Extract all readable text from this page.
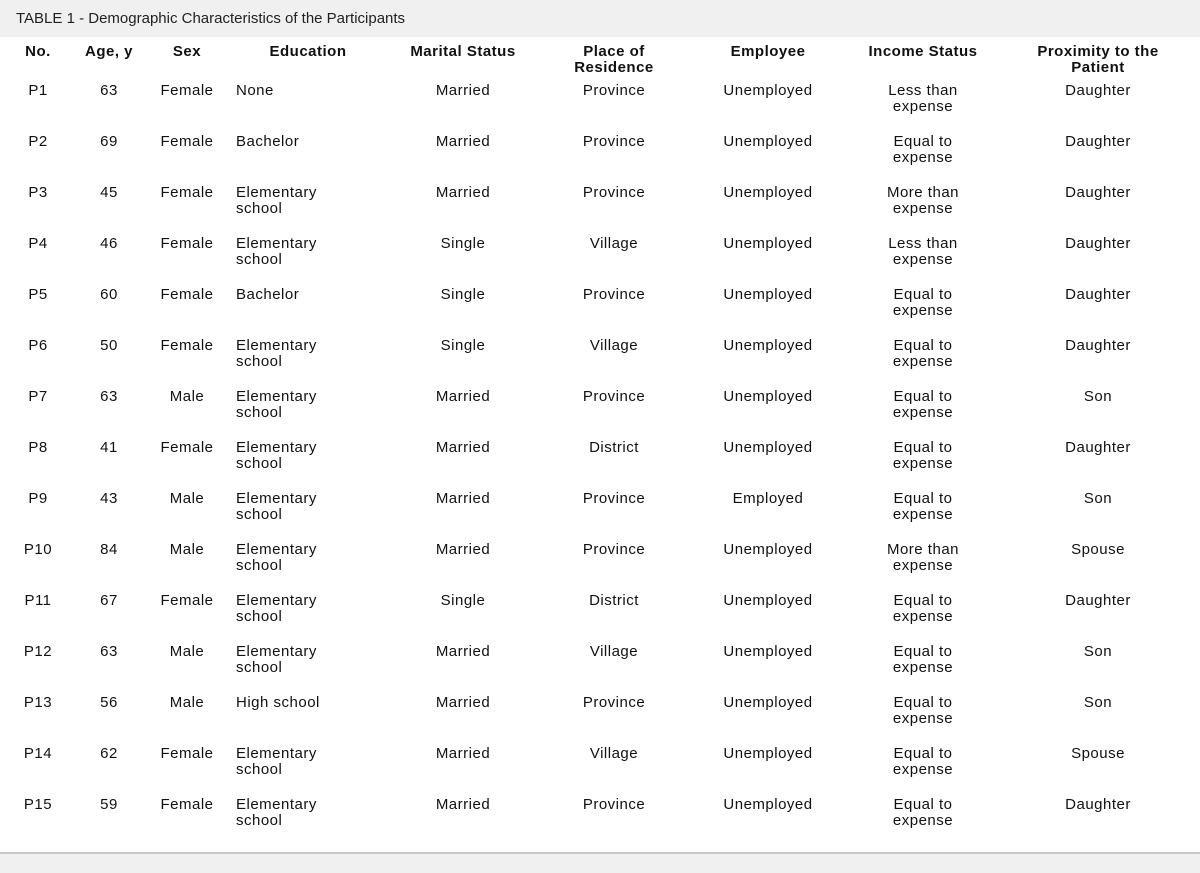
TABLE 1 - Demographic Characteristics of the Participants
No.	Age, y	Sex	Education	Marital Status	Place of
Residence	Employee	Income Status	Proximity to the
Patient
P1	63	Female	None	Married	Province	Unemployed	Less than
expense	Daughter
P2	69	Female	Bachelor	Married	Province	Unemployed	Equal to
expense	Daughter
P3	45	Female	Elementary
school	Married	Province	Unemployed	More than
expense	Daughter
P4	46	Female	Elementary
school	Single	Village	Unemployed	Less than
expense	Daughter
P5	60	Female	Bachelor	Single	Province	Unemployed	Equal to
expense	Daughter
P6	50	Female	Elementary
school	Single	Village	Unemployed	Equal to
expense	Daughter
P7	63	Male	Elementary
school	Married	Province	Unemployed	Equal to
expense	Son
P8	41	Female	Elementary
school	Married	District	Unemployed	Equal to
expense	Daughter
P9	43	Male	Elementary
school	Married	Province	Employed	Equal to
expense	Son
P10	84	Male	Elementary
school	Married	Province	Unemployed	More than
expense	Spouse
P11	67	Female	Elementary
school	Single	District	Unemployed	Equal to
expense	Daughter
P12	63	Male	Elementary
school	Married	Village	Unemployed	Equal to
expense	Son
P13	56	Male	High school	Married	Province	Unemployed	Equal to
expense	Son
P14	62	Female	Elementary
school	Married	Village	Unemployed	Equal to
expense	Spouse
P15	59	Female	Elementary
school	Married	Province	Unemployed	Equal to
expense	Daughter
